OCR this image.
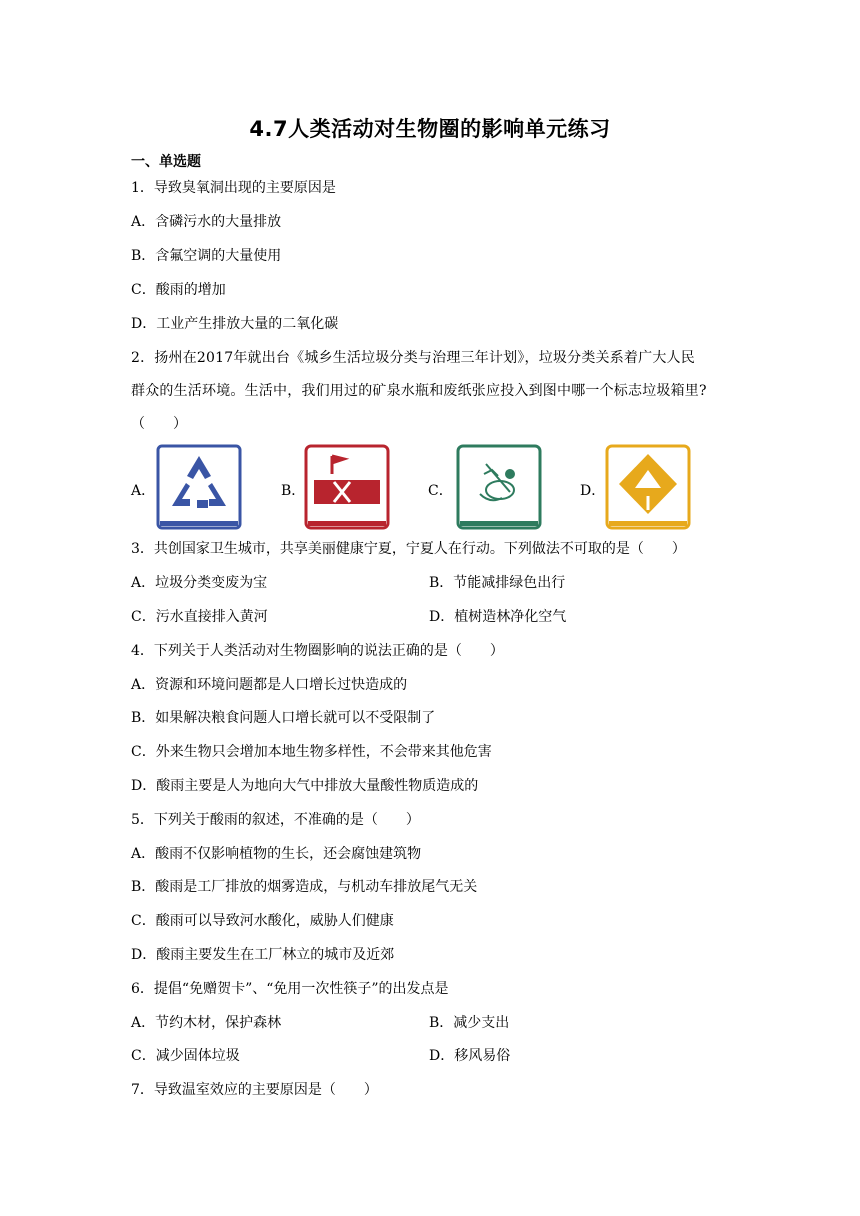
4.7人类活动对生物圈的影响单元练习
一、单选题
1．导致臭氧洞出现的主要原因是
A．含磷污水的大量排放
B．含氟空调的大量使用
C．酸雨的增加
D．工业产生排放大量的二氧化碳
2．扬州在2017年就出台《城乡生活垃圾分类与治理三年计划》，垃圾分类关系着广大人民
群众的生活环境。生活中，我们用过的矿泉水瓶和废纸张应投入到图中哪一个标志垃圾箱里?
（　　）
A．	B．	C．	D．
3．共创国家卫生城市，共享美丽健康宁夏，宁夏人在行动。下列做法不可取的是（　　）
A．垃圾分类变废为宝	B．节能减排绿色出行
C．污水直接排入黄河	D．植树造林净化空气
4．下列关于人类活动对生物圈影响的说法正确的是（　　）
A．资源和环境问题都是人口增长过快造成的
B．如果解决粮食问题人口增长就可以不受限制了
C．外来生物只会增加本地生物多样性，不会带来其他危害
D．酸雨主要是人为地向大气中排放大量酸性物质造成的
5．下列关于酸雨的叙述，不准确的是（　　）
A．酸雨不仅影响植物的生长，还会腐蚀建筑物
B．酸雨是工厂排放的烟雾造成，与机动车排放尾气无关
C．酸雨可以导致河水酸化，威胁人们健康
D．酸雨主要发生在工厂林立的城市及近郊
6．提倡“免赠贺卡”、“免用一次性筷子”的出发点是
A．节约木材，保护森林	B．减少支出
C．减少固体垃圾	D．移风易俗
7．导致温室效应的主要原因是（　　）
